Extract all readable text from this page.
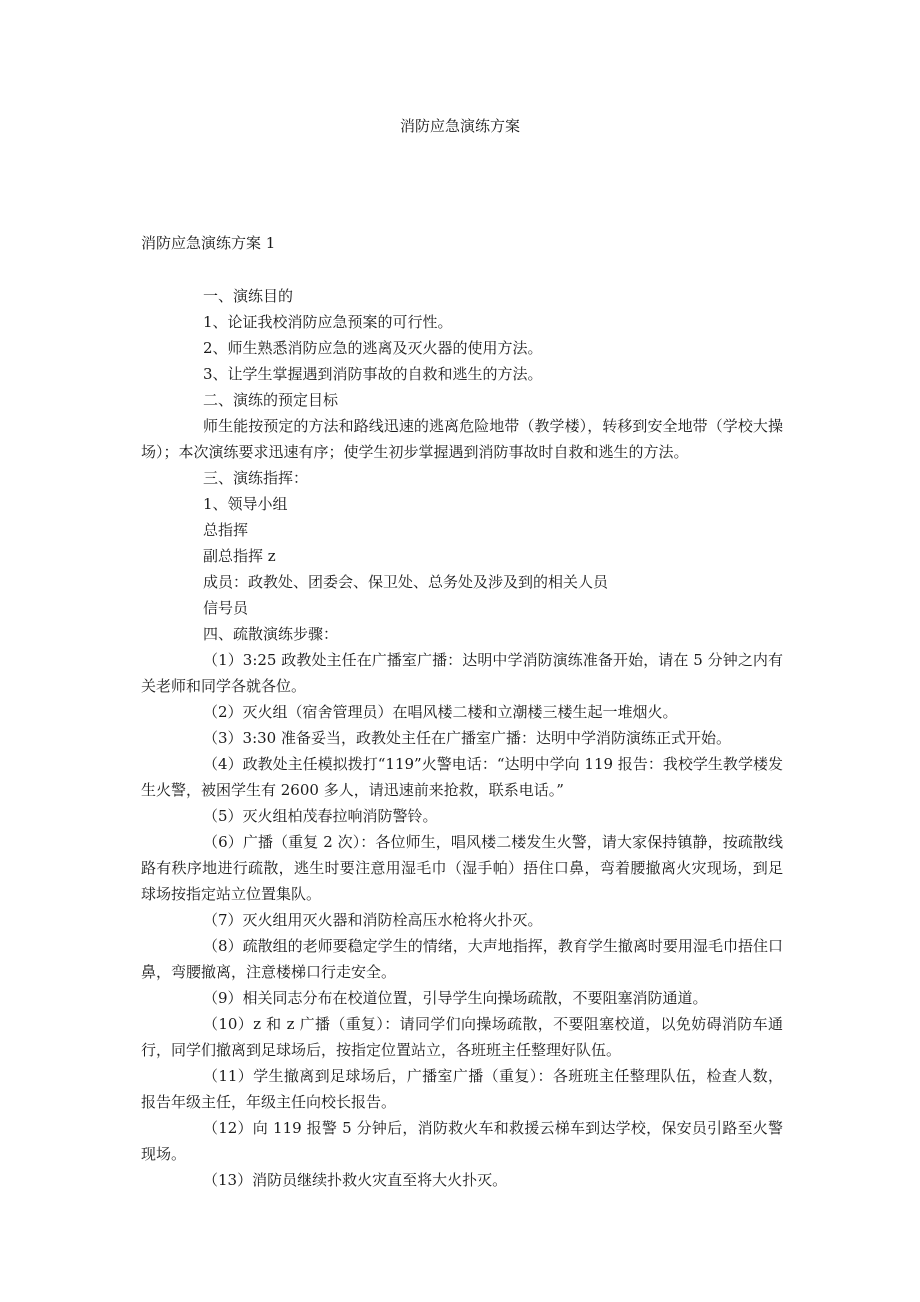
消防应急演练方案
消防应急演练方案 1

一、演练目的

1、论证我校消防应急预案的可行性。

2、师生熟悉消防应急的逃离及灭火器的使用方法。

3、让学生掌握遇到消防事故的自救和逃生的方法。

二、演练的预定目标

师生能按预定的方法和路线迅速的逃离危险地带（教学楼），转移到安全地带（学校大操场）；本次演练要求迅速有序；使学生初步掌握遇到消防事故时自救和逃生的方法。

三、演练指挥：

1、领导小组

总指挥

副总指挥 z

成员：政教处、团委会、保卫处、总务处及涉及到的相关人员

信号员

四、疏散演练步骤：

（1）3:25 政教处主任在广播室广播：达明中学消防演练准备开始，请在 5 分钟之内有关老师和同学各就各位。

（2）灭火组（宿舍管理员）在唱风楼二楼和立潮楼三楼生起一堆烟火。

（3）3:30 准备妥当，政教处主任在广播室广播：达明中学消防演练正式开始。

（4）政教处主任模拟拨打“119”火警电话：“达明中学向 119 报告：我校学生教学楼发生火警，被困学生有 2600 多人，请迅速前来抢救，联系电话。”

（5）灭火组柏茂春拉响消防警铃。

（6）广播（重复 2 次）：各位师生，唱风楼二楼发生火警，请大家保持镇静，按疏散线路有秩序地进行疏散，逃生时要注意用湿毛巾（湿手帕）捂住口鼻，弯着腰撤离火灾现场，到足球场按指定站立位置集队。

（7）灭火组用灭火器和消防栓高压水枪将火扑灭。

（8）疏散组的老师要稳定学生的情绪，大声地指挥，教育学生撤离时要用湿毛巾捂住口鼻，弯腰撤离，注意楼梯口行走安全。

（9）相关同志分布在校道位置，引导学生向操场疏散，不要阻塞消防通道。

（10）z 和 z 广播（重复）：请同学们向操场疏散，不要阻塞校道，以免妨碍消防车通行，同学们撤离到足球场后，按指定位置站立，各班班主任整理好队伍。

（11）学生撤离到足球场后，广播室广播（重复）：各班班主任整理队伍，检查人数，报告年级主任，年级主任向校长报告。

（12）向 119 报警 5 分钟后，消防救火车和救援云梯车到达学校，保安员引路至火警现场。

（13）消防员继续扑救火灾直至将大火扑灭。
